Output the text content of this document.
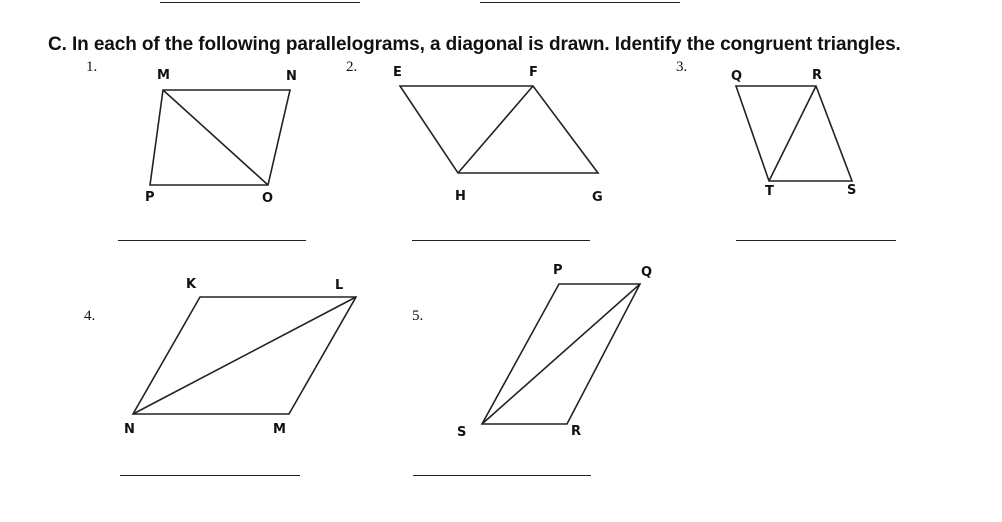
C. In each of the following parallelograms, a diagonal is drawn. Identify the congruent triangles.
1.
M	N
P	O
2.	E	F
H	G
3.
Q	R
T	S
4.
K	L
N	M
5.
P	Q
S	R
